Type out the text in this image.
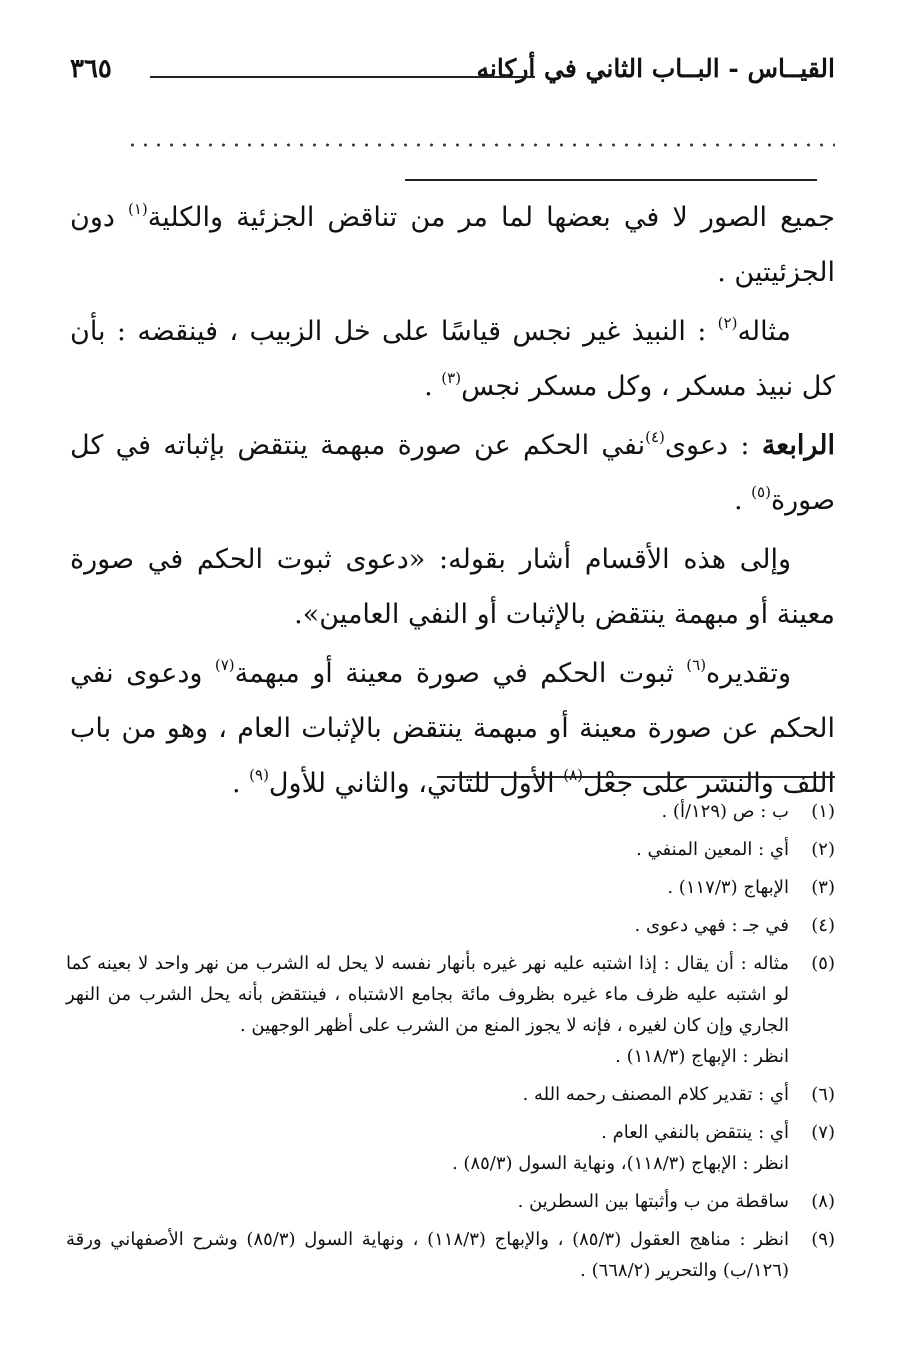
القيــاس - البــاب الثاني في أركانه
٣٦٥

جميع الصور لا في بعضها لما مر من تناقض الجزئية والكلية$^{(١)}$ دون الجزئيتين .

مثاله$^{(٢)}$ : النبيذ غير نجس قياسًا على خل الزبيب ، فينقضه : بأن كل نبيذ مسكر ، وكل مسكر نجس$^{(٣)}$ .

الرابعة : دعوى$^{(٤)}$نفي الحكم عن صورة مبهمة ينتقض بإثباته في كل صورة$^{(٥)}$ .

وإلى هذه الأقسام أشار بقوله: «دعوى ثبوت الحكم في صورة معينة أو مبهمة ينتقض بالإثبات أو النفي العامين».

وتقديره$^{(٦)}$ ثبوت الحكم في صورة معينة أو مبهمة$^{(٧)}$ ودعوى نفي الحكم عن صورة معينة أو مبهمة ينتقض بالإثبات العام ، وهو من باب اللف والنشر على جعْل$^{(٨)}$ الأول للثاني، والثاني للأول$^{(٩)}$ .

(١)
ب : ص (١٢٩/أ) .
(٢)
أي : المعين المنفي .
(٣)
الإبهاج (١١٧/٣) .
(٤)
في جـ : فهي دعوى .
(٥)
مثاله : أن يقال : إذا اشتبه عليه نهر غيره بأنهار نفسه لا يحل له الشرب من نهر واحد لا بعينه كما لو اشتبه عليه ظرف ماء غيره بظروف مائة بجامع الاشتباه ، فينتقض بأنه يحل الشرب من النهر الجاري وإن كان لغيره ، فإنه لا يجوز المنع من الشرب على أظهر الوجهين .
انظر : الإبهاج (١١٨/٣) .
(٦)
أي : تقدير كلام المصنف رحمه الله .
(٧)
أي : ينتقض بالنفي العام .
انظر : الإبهاج (١١٨/٣)، ونهاية السول (٨٥/٣) .
(٨)
ساقطة من ب وأثبتها بين السطرين .
(٩)
انظر : مناهج العقول (٨٥/٣) ، والإبهاج (١١٨/٣) ، ونهاية السول (٨٥/٣) وشرح الأصفهاني ورقة (١٢٦/ب) والتحرير (٦٦٨/٢) .
